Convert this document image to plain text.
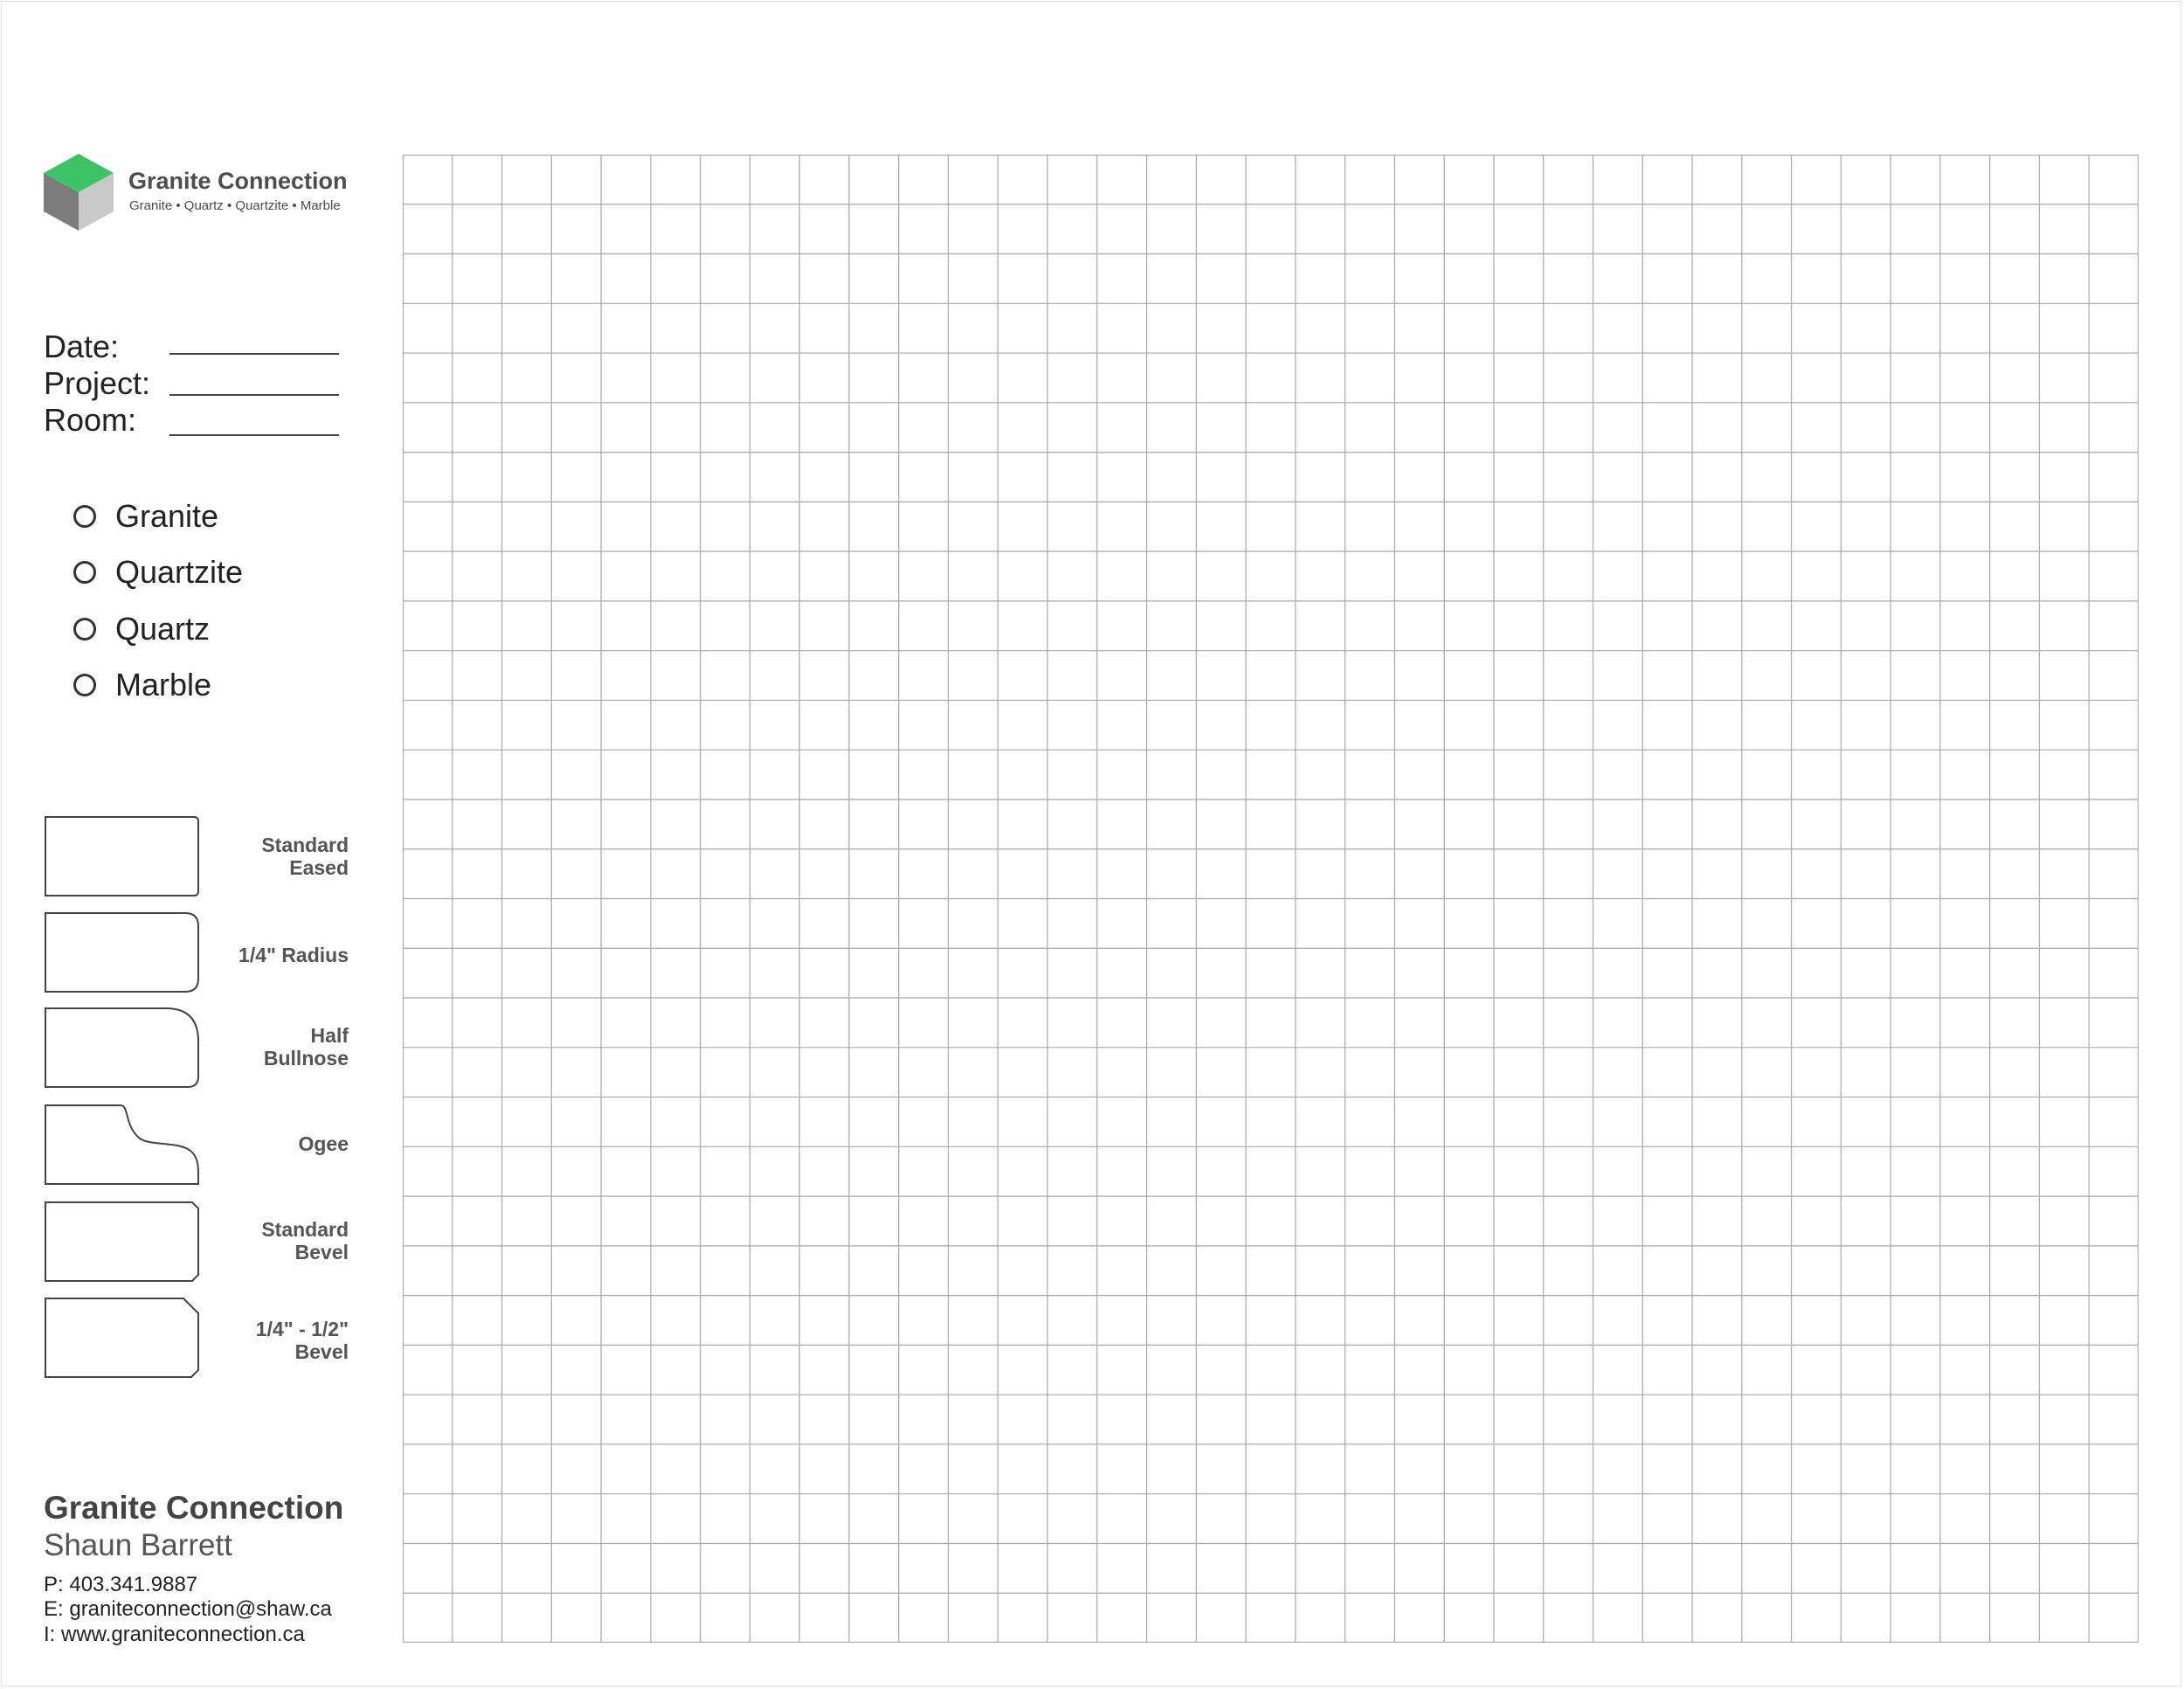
Granite Connection
Granite • Quartz • Quartzite • Marble
Date:
Project:
Room:
Granite
Quartzite
Quartz
Marble
Standard
Eased
1/4" Radius
Half
Bullnose
Ogee
Standard
Bevel
1/4" - 1/2"
Bevel
Granite Connection
Shaun Barrett
P: 403.341.9887
E: graniteconnection@shaw.ca
I: www.graniteconnection.ca
